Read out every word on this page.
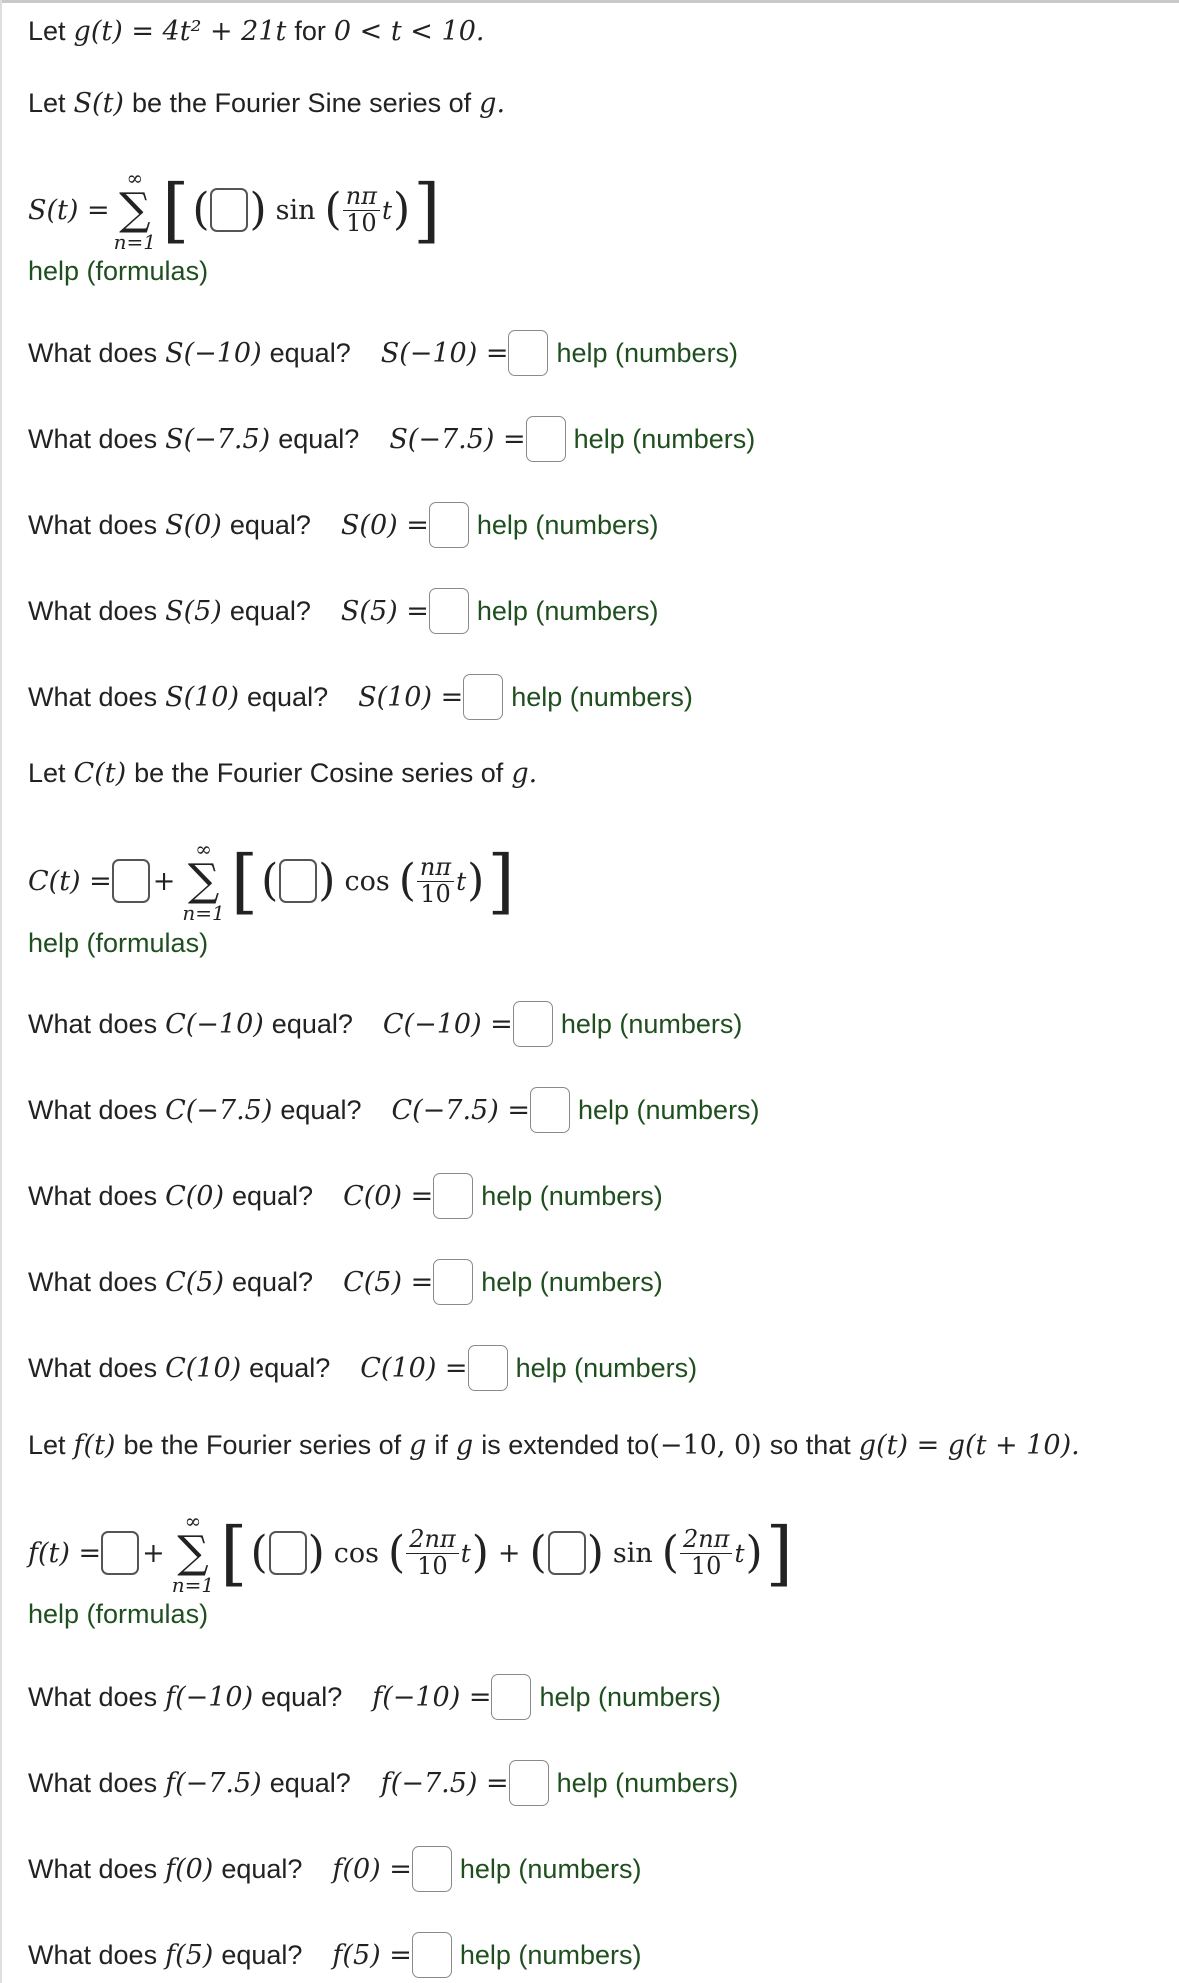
Let g(t) = 4t² + 21t for 0 < t < 10.
Let S(t) be the Fourier Sine series of g.
S(t) =
∞
∑
n=1 [ ( ) sin ( $\frac{n\pi}{10}$ t ) ]
help (formulas)
What does S(−10) equal? S(−10) = help (numbers)
What does S(−7.5) equal? S(−7.5) = help (numbers)
What does S(0) equal? S(0) = help (numbers)
What does S(5) equal? S(5) = help (numbers)
What does S(10) equal? S(10) = help (numbers)
Let C(t) be the Fourier Cosine series of g.
C(t) = +
∞
∑
n=1 [ ( ) cos ( $\frac{n\pi}{10}$ t ) ]
help (formulas)
What does C(−10) equal? C(−10) = help (numbers)
What does C(−7.5) equal? C(−7.5) = help (numbers)
What does C(0) equal? C(0) = help (numbers)
What does C(5) equal? C(5) = help (numbers)
What does C(10) equal? C(10) = help (numbers)
Let f(t) be the Fourier series of g if g is extended to (−10, 0) so that g(t) = g(t + 10).
f(t) = +
∞
∑
n=1 [ ( ) cos ( $\frac{2n\pi}{10}$ t ) + ( ) sin ( $\frac{2n\pi}{10}$ t ) ]
help (formulas)
What does f(−10) equal? f(−10) = help (numbers)
What does f(−7.5) equal? f(−7.5) = help (numbers)
What does f(0) equal? f(0) = help (numbers)
What does f(5) equal? f(5) = help (numbers)
